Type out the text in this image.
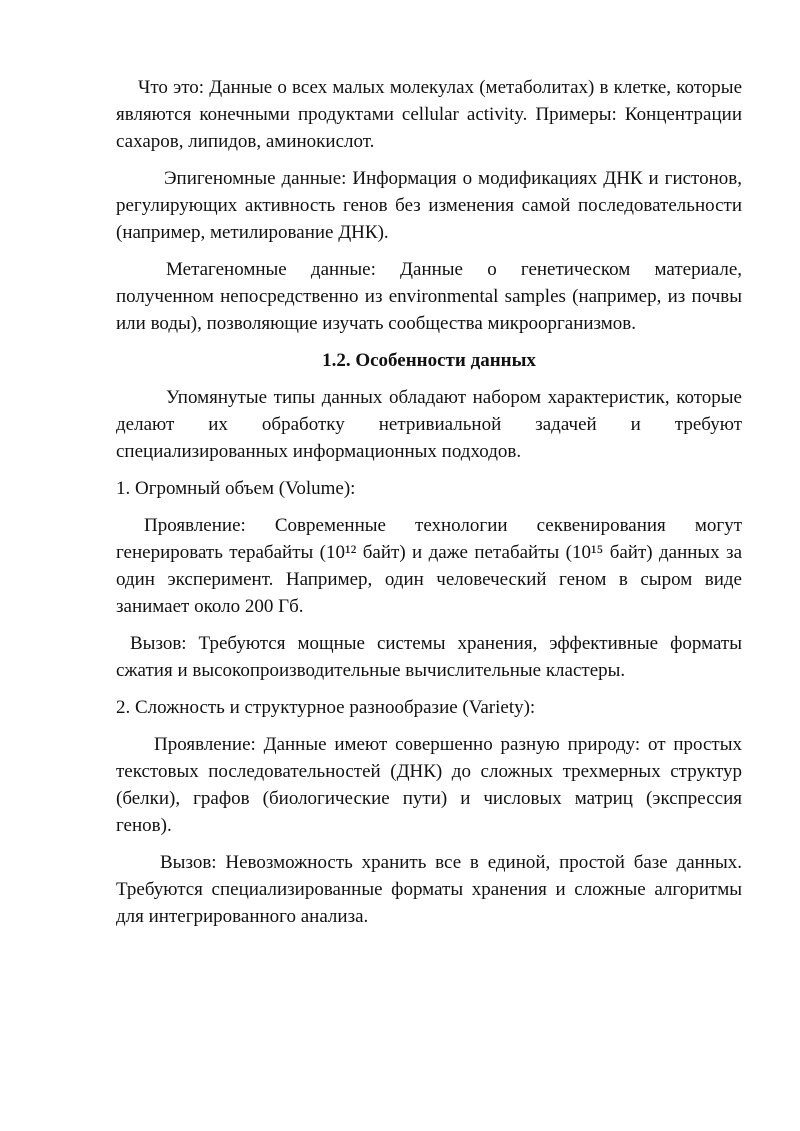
Что это: Данные о всех малых молекулах (метаболитах) в клетке, которые являются конечными продуктами cellular activity. Примеры: Концентрации сахаров, липидов, аминокислот.

Эпигеномные данные: Информация о модификациях ДНК и гистонов, регулирующих активность генов без изменения самой последовательности (например, метилирование ДНК).

Метагеномные данные: Данные о генетическом материале, полученном непосредственно из environmental samples (например, из почвы или воды), позволяющие изучать сообщества микроорганизмов.

1.2. Особенности данных

Упомянутые типы данных обладают набором характеристик, которые делают их обработку нетривиальной задачей и требуют специализированных информационных подходов.

1. Огромный объем (Volume):

Проявление: Современные технологии секвенирования могут генерировать терабайты (10¹² байт) и даже петабайты (10¹⁵ байт) данных за один эксперимент. Например, один человеческий геном в сыром виде занимает около 200 Гб.

Вызов: Требуются мощные системы хранения, эффективные форматы сжатия и высокопроизводительные вычислительные кластеры.

2. Сложность и структурное разнообразие (Variety):

Проявление: Данные имеют совершенно разную природу: от простых текстовых последовательностей (ДНК) до сложных трехмерных структур (белки), графов (биологические пути) и числовых матриц (экспрессия генов).

Вызов: Невозможность хранить все в единой, простой базе данных. Требуются специализированные форматы хранения и сложные алгоритмы для интегрированного анализа.
